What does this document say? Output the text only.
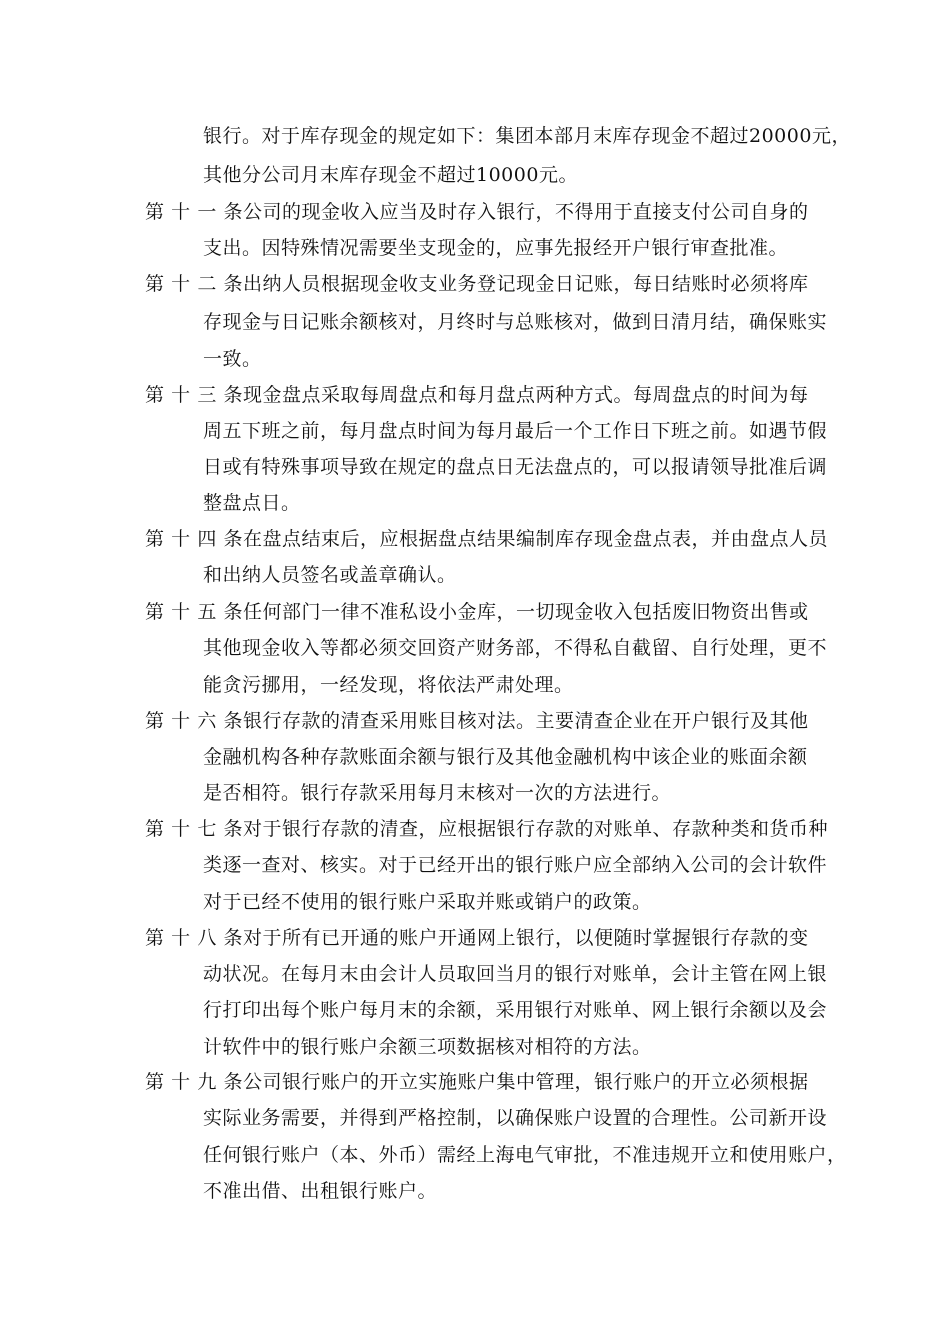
银行。对于库存现金的规定如下：集团本部月末库存现金不超过20000元，
其他分公司月末库存现金不超过10000元。
第十一条公司的现金收入应当及时存入银行，不得用于直接支付公司自身的
支出。因特殊情况需要坐支现金的，应事先报经开户银行审查批准。
第十二条出纳人员根据现金收支业务登记现金日记账，每日结账时必须将库
存现金与日记账余额核对，月终时与总账核对，做到日清月结，确保账实
一致。
第十三条现金盘点采取每周盘点和每月盘点两种方式。每周盘点的时间为每
周五下班之前，每月盘点时间为每月最后一个工作日下班之前。如遇节假
日或有特殊事项导致在规定的盘点日无法盘点的，可以报请领导批准后调
整盘点日。
第十四条在盘点结束后，应根据盘点结果编制库存现金盘点表，并由盘点人员
和出纳人员签名或盖章确认。
第十五条任何部门一律不准私设小金库，一切现金收入包括废旧物资出售或
其他现金收入等都必须交回资产财务部，不得私自截留、自行处理，更不
能贪污挪用，一经发现，将依法严肃处理。
第十六条银行存款的清查采用账目核对法。主要清查企业在开户银行及其他
金融机构各种存款账面余额与银行及其他金融机构中该企业的账面余额
是否相符。银行存款采用每月末核对一次的方法进行。
第十七条对于银行存款的清查，应根据银行存款的对账单、存款种类和货币种
类逐一查对、核实。对于已经开出的银行账户应全部纳入公司的会计软件
对于已经不使用的银行账户采取并账或销户的政策。
第十八条对于所有已开通的账户开通网上银行，以便随时掌握银行存款的变
动状况。在每月末由会计人员取回当月的银行对账单，会计主管在网上银
行打印出每个账户每月末的余额，采用银行对账单、网上银行余额以及会
计软件中的银行账户余额三项数据核对相符的方法。
第十九条公司银行账户的开立实施账户集中管理，银行账户的开立必须根据
实际业务需要，并得到严格控制，以确保账户设置的合理性。公司新开设
任何银行账户（本、外币）需经上海电气审批，不准违规开立和使用账户，
不准出借、出租银行账户。
